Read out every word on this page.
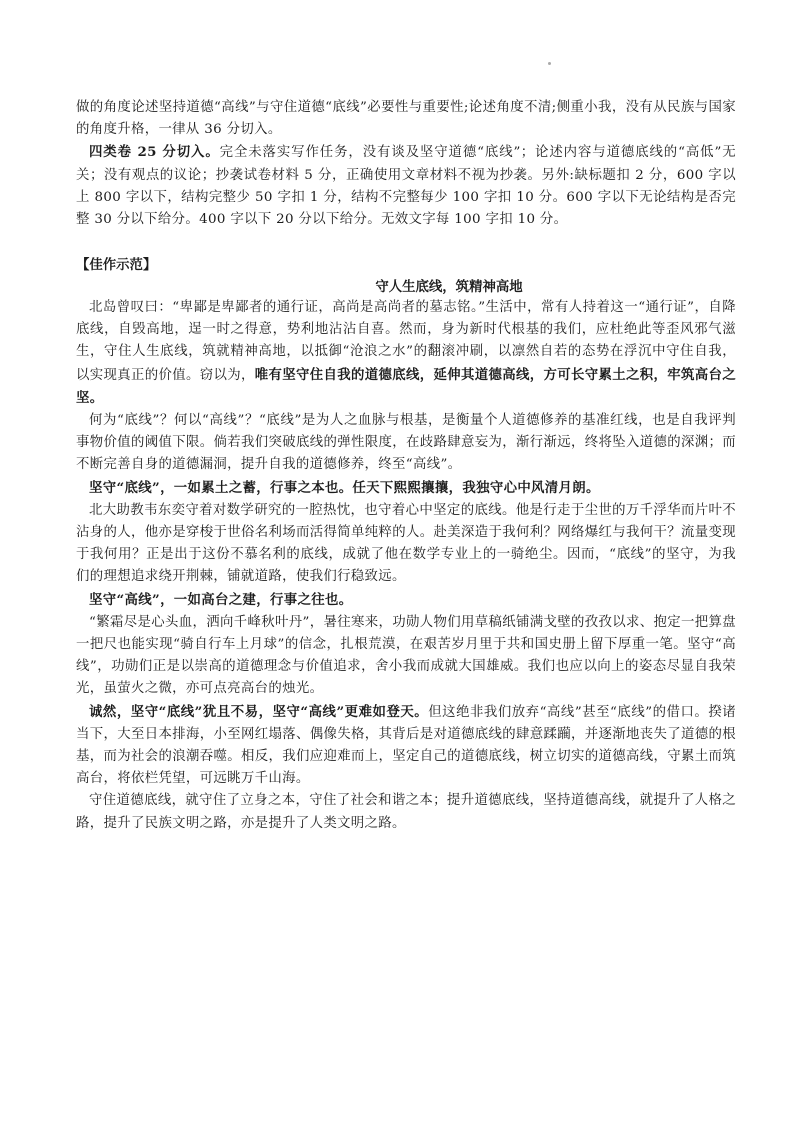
做的角度论述坚持道德“高线”与守住道德“底线”必要性与重要性;论述角度不清;侧重小我，没有从民族与国家的角度升格，一律从 36 分切入。

四类卷 25 分切入。完全未落实写作任务，没有谈及坚守道德“底线”；论述内容与道德底线的“高低”无关；没有观点的议论；抄袭试卷材料 5 分，正确使用文章材料不视为抄袭。另外:缺标题扣 2 分，600 字以上 800 字以下，结构完整少 50 字扣 1 分，结构不完整每少 100 字扣 10 分。600 字以下无论结构是否完整 30 分以下给分。400 字以下 20 分以下给分。无效文字每 100 字扣 10 分。

【佳作示范】
守人生底线，筑精神高地

北岛曾叹曰：“卑鄙是卑鄙者的通行证，高尚是高尚者的墓志铭。”生活中，常有人持着这一“通行证”，自降底线，自毁高地，逞一时之得意，势利地沾沾自喜。然而，身为新时代根基的我们，应杜绝此等歪风邪气滋生，守住人生底线，筑就精神高地，以抵御“沧浪之水”的翻滚冲刷，以凛然自若的态势在浮沉中守住自我，以实现真正的价值。窃以为，唯有坚守住自我的道德底线，延伸其道德高线，方可长守累土之积，牢筑高台之坚。

何为“底线”？何以“高线”？“底线”是为人之血脉与根基，是衡量个人道德修养的基准红线，也是自我评判事物价值的阈值下限。倘若我们突破底线的弹性限度，在歧路肆意妄为，渐行渐远，终将坠入道德的深渊；而不断完善自身的道德漏洞，提升自我的道德修养，终至“高线”。

坚守“底线”，一如累土之蓄，行事之本也。任天下熙熙攘攘，我独守心中风清月朗。

北大助教韦东奕守着对数学研究的一腔热忱，也守着心中坚定的底线。他是行走于尘世的万千浮华而片叶不沾身的人，他亦是穿梭于世俗名利场而活得简单纯粹的人。赴美深造于我何利？网络爆红与我何干？流量变现于我何用？正是出于这份不慕名利的底线，成就了他在数学专业上的一骑绝尘。因而，“底线”的坚守，为我们的理想追求绕开荆棘，铺就道路，使我们行稳致远。

坚守“高线”，一如高台之建，行事之往也。

“繁霜尽是心头血，洒向千峰秋叶丹”，暑往寒来，功勋人物们用草稿纸铺满戈壁的孜孜以求、抱定一把算盘一把尺也能实现“骑自行车上月球”的信念，扎根荒漠，在艰苦岁月里于共和国史册上留下厚重一笔。坚守“高线”，功勋们正是以崇高的道德理念与价值追求，舍小我而成就大国雄威。我们也应以向上的姿态尽显自我荣光，虽萤火之微，亦可点亮高台的烛光。

诚然，坚守“底线”犹且不易，坚守“高线”更难如登天。但这绝非我们放弃“高线”甚至“底线”的借口。揆诸当下，大至日本排海，小至网红塌落、偶像失格，其背后是对道德底线的肆意蹂躏，并逐渐地丧失了道德的根基，而为社会的浪潮吞噬。相反，我们应迎难而上，坚定自己的道德底线，树立切实的道德高线，守累土而筑高台，将依栏凭望，可远眺万千山海。

守住道德底线，就守住了立身之本，守住了社会和谐之本；提升道德底线，坚持道德高线，就提升了人格之路，提升了民族文明之路，亦是提升了人类文明之路。
